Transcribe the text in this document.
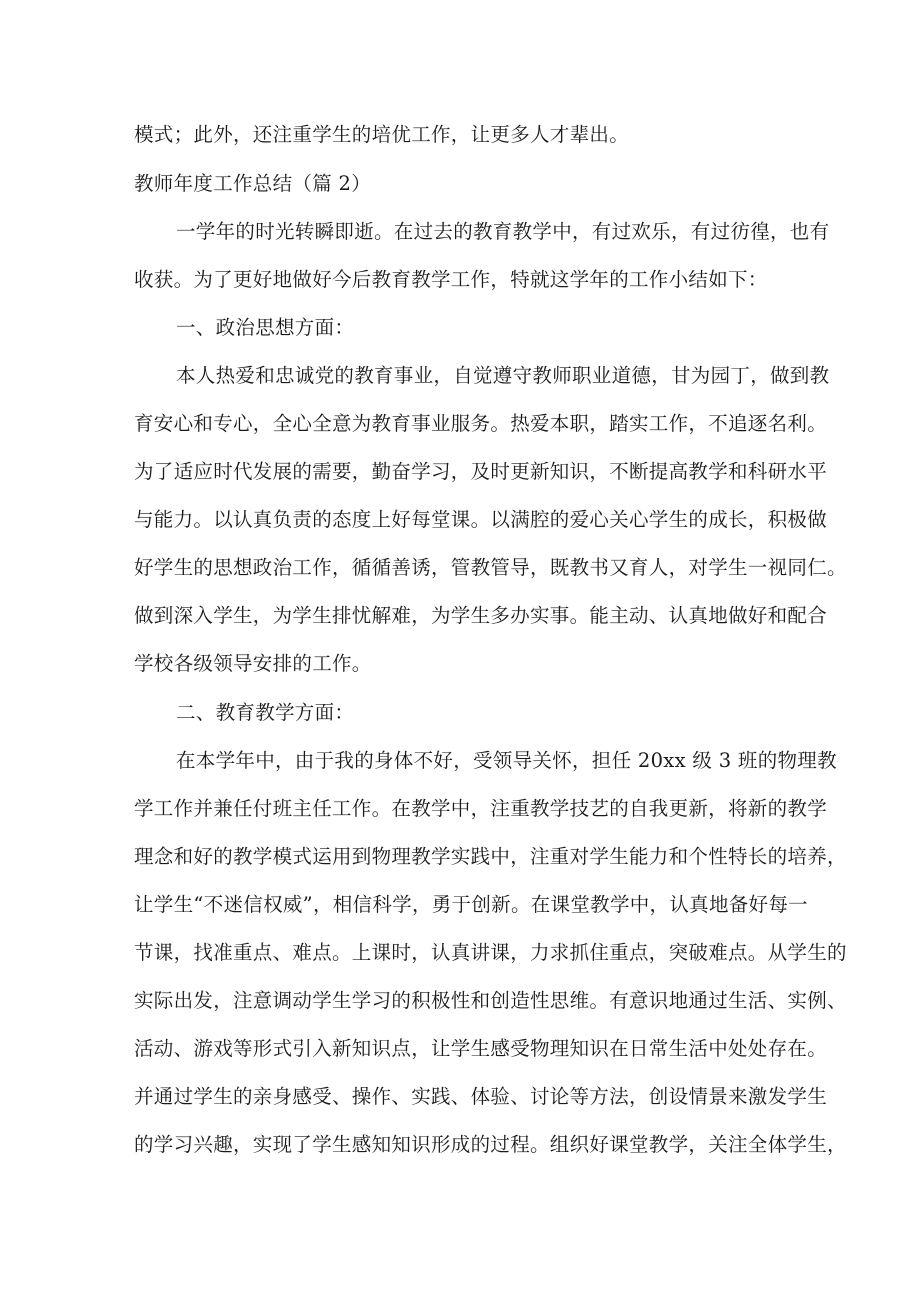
模式；此外，还注重学生的培优工作，让更多人才辈出。
教师年度工作总结（篇 2）
一学年的时光转瞬即逝。在过去的教育教学中，有过欢乐，有过彷徨，也有
收获。为了更好地做好今后教育教学工作，特就这学年的工作小结如下：
一、政治思想方面：
本人热爱和忠诚党的教育事业，自觉遵守教师职业道德，甘为园丁，做到教
育安心和专心，全心全意为教育事业服务。热爱本职，踏实工作，不追逐名利。
为了适应时代发展的需要，勤奋学习，及时更新知识，不断提高教学和科研水平
与能力。以认真负责的态度上好每堂课。以满腔的爱心关心学生的成长，积极做
好学生的思想政治工作，循循善诱，管教管导，既教书又育人，对学生一视同仁。
做到深入学生，为学生排忧解难，为学生多办实事。能主动、认真地做好和配合
学校各级领导安排的工作。
二、教育教学方面：
在本学年中，由于我的身体不好，受领导关怀，担任 20xx 级 3 班的物理教
学工作并兼任付班主任工作。在教学中，注重教学技艺的自我更新，将新的教学
理念和好的教学模式运用到物理教学实践中，注重对学生能力和个性特长的培养，
让学生“不迷信权威”，相信科学，勇于创新。在课堂教学中，认真地备好每一
节课，找准重点、难点。上课时，认真讲课，力求抓住重点，突破难点。从学生的
实际出发，注意调动学生学习的积极性和创造性思维。有意识地通过生活、实例、
活动、游戏等形式引入新知识点，让学生感受物理知识在日常生活中处处存在。
并通过学生的亲身感受、操作、实践、体验、讨论等方法，创设情景来激发学生
的学习兴趣，实现了学生感知知识形成的过程。组织好课堂教学，关注全体学生，
